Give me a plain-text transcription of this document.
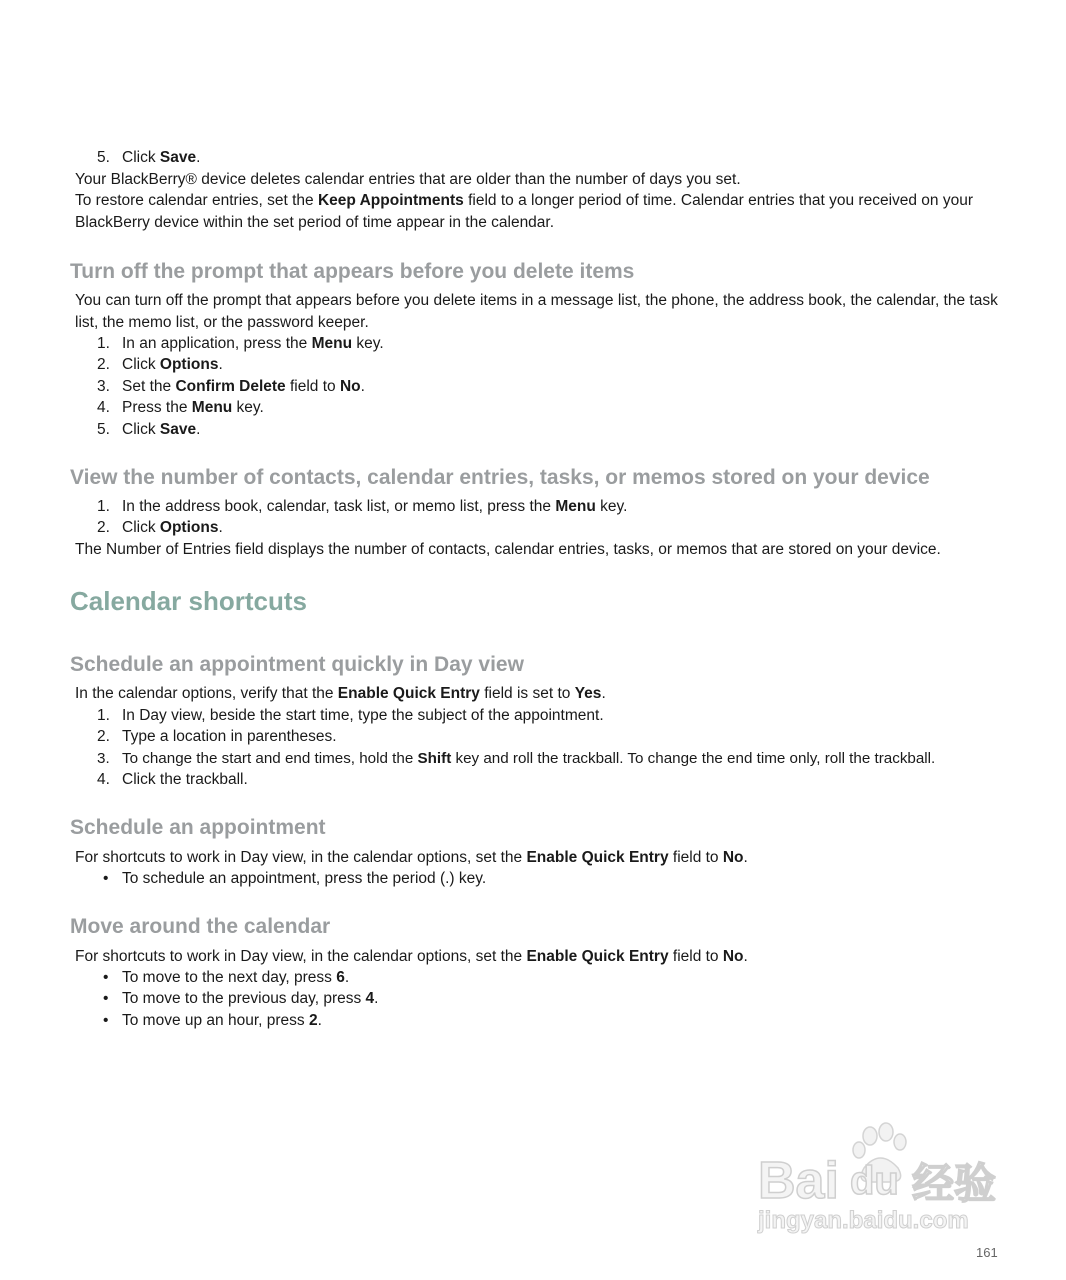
5. Click Save.

Your BlackBerry® device deletes calendar entries that are older than the number of days you set.

To restore calendar entries, set the Keep Appointments field to a longer period of time. Calendar entries that you received on your BlackBerry device within the set period of time appear in the calendar.

Turn off the prompt that appears before you delete items

You can turn off the prompt that appears before you delete items in a message list, the phone, the address book, the calendar, the task list, the memo list, or the password keeper.

1. In an application, press the Menu key.
2. Click Options.
3. Set the Confirm Delete field to No.
4. Press the Menu key.
5. Click Save.
View the number of contacts, calendar entries, tasks, or memos stored on your device
1. In the address book, calendar, task list, or memo list, press the Menu key.
2. Click Options.

The Number of Entries field displays the number of contacts, calendar entries, tasks, or memos that are stored on your device.

Calendar shortcuts
Schedule an appointment quickly in Day view

In the calendar options, verify that the Enable Quick Entry field is set to Yes.

1. In Day view, beside the start time, type the subject of the appointment.
2. Type a location in parentheses.
3. To change the start and end times, hold the Shift key and roll the trackball. To change the end time only, roll the trackball.
4. Click the trackball.
Schedule an appointment

For shortcuts to work in Day view, in the calendar options, set the Enable Quick Entry field to No.

• To schedule an appointment, press the period (.) key.
Move around the calendar

For shortcuts to work in Day view, in the calendar options, set the Enable Quick Entry field to No.

• To move to the next day, press 6.
• To move to the previous day, press 4.
• To move up an hour, press 2.
Bai du 经验
jingyan.baidu.com
161
